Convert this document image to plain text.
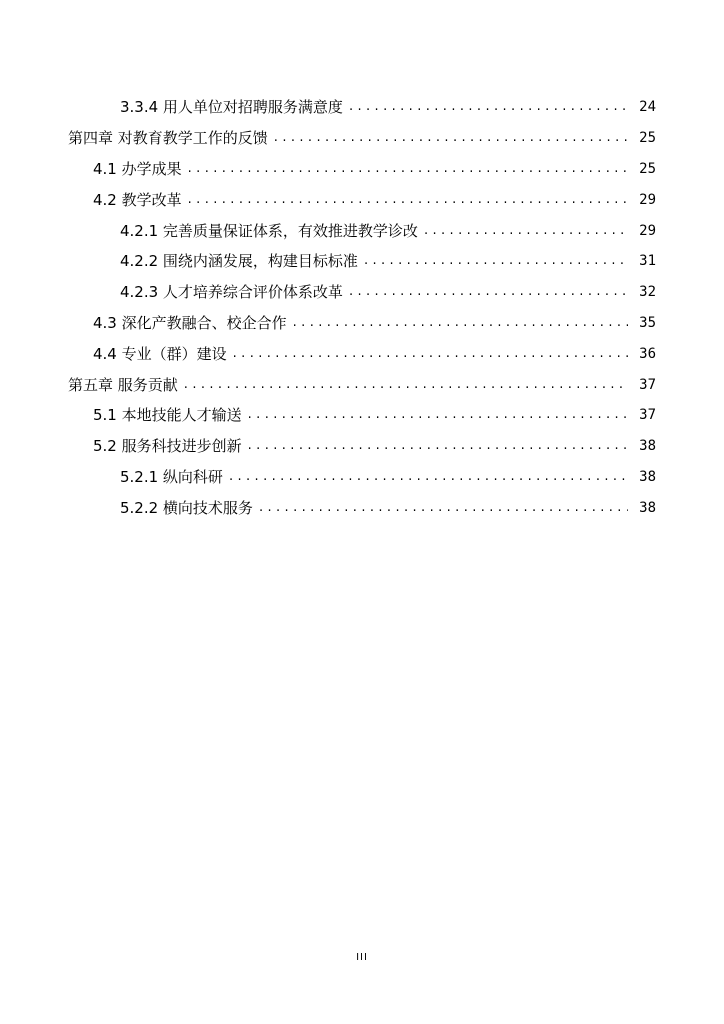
3.3.4 用人单位对招聘服务满意度 .....	24
第四章 对教育教学工作的反馈 .....	25
4.1 办学成果 .....	25
4.2 教学改革 .....	29
4.2.1 完善质量保证体系，有效推进教学诊改 .....	29
4.2.2 围绕内涵发展，构建目标标准 .....	31
4.2.3 人才培养综合评价体系改革 .....	32
4.3 深化产教融合、校企合作 .....	35
4.4 专业（群）建设 .....	36
第五章 服务贡献 .....	37
5.1 本地技能人才输送 .....	37
5.2 服务科技进步创新 .....	38
5.2.1 纵向科研 .....	38
5.2.2 横向技术服务 .....	38
III
